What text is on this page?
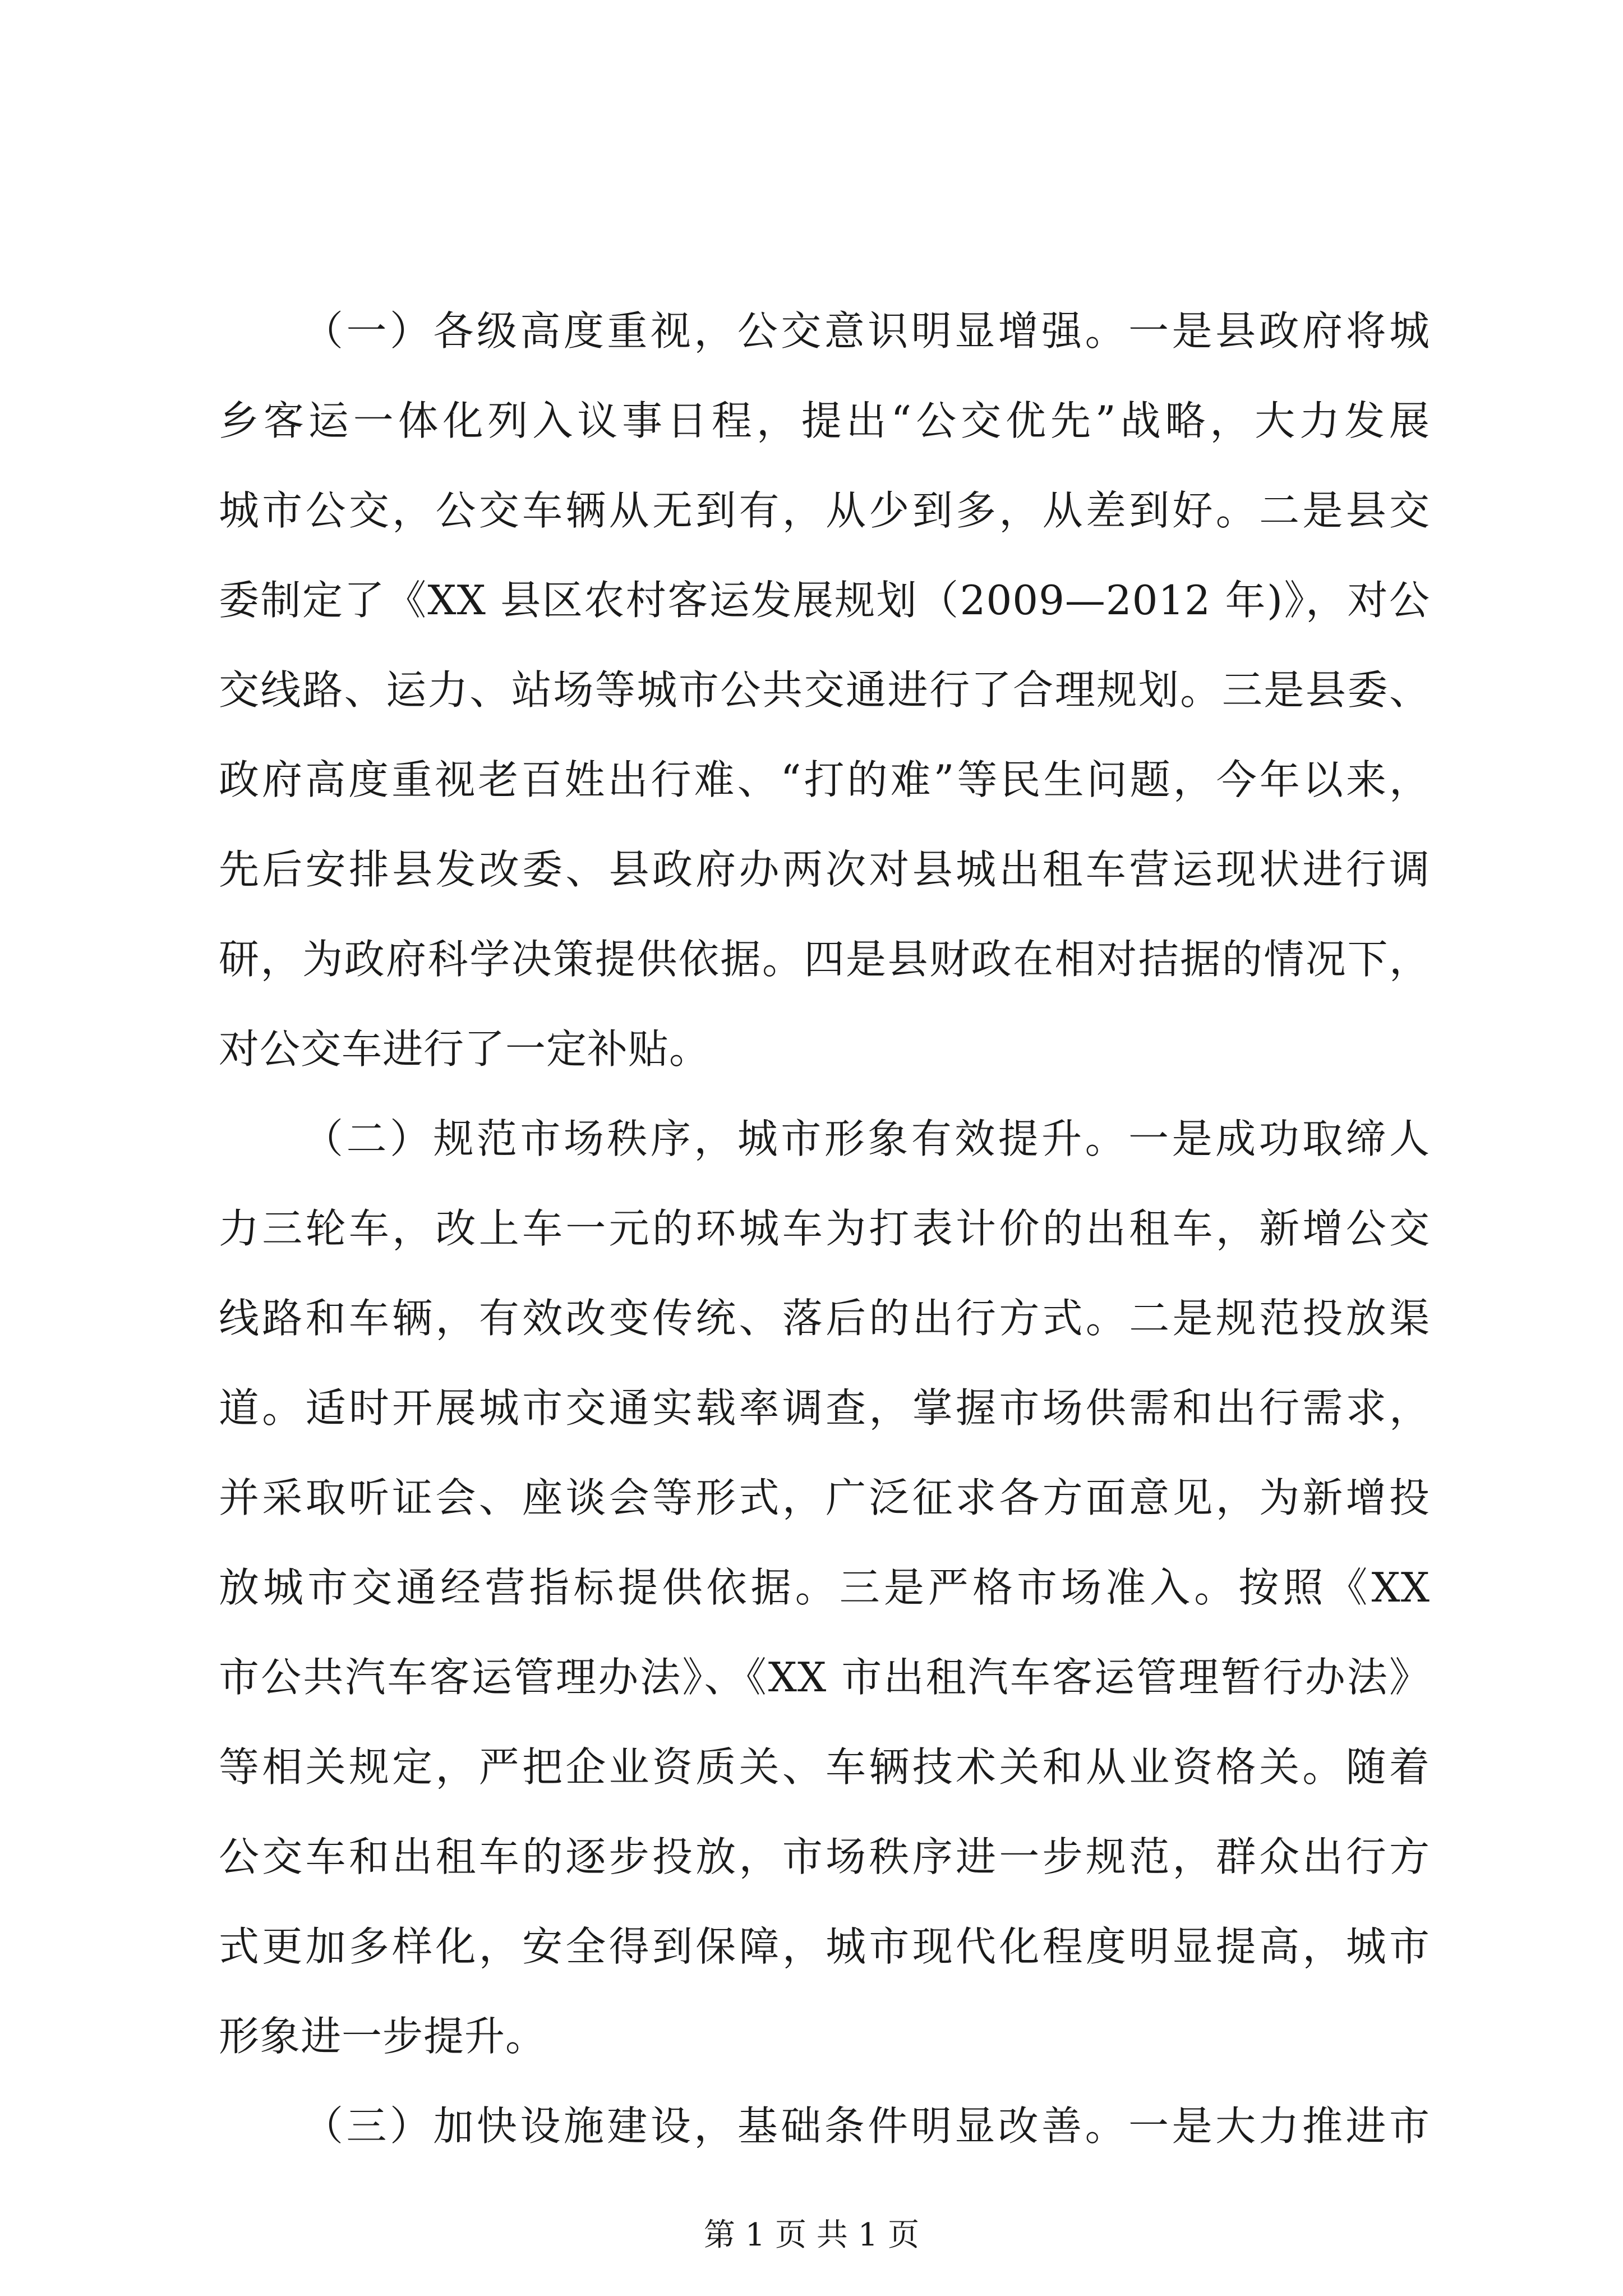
（一）各级高度重视，公交意识明显增强。一是县政府将城
乡客运一体化列入议事日程，提出“公交优先”战略，大力发展
城市公交，公交车辆从无到有，从少到多，从差到好。二是县交
委制定了《XX 县区农村客运发展规划（2009—2012 年)》，对公
交线路、运力、站场等城市公共交通进行了合理规划。三是县委、
政府高度重视老百姓出行难、“打的难”等民生问题，今年以来，
先后安排县发改委、县政府办两次对县城出租车营运现状进行调
研，为政府科学决策提供依据。四是县财政在相对拮据的情况下，
对公交车进行了一定补贴。
（二）规范市场秩序，城市形象有效提升。一是成功取缔人
力三轮车，改上车一元的环城车为打表计价的出租车，新增公交
线路和车辆，有效改变传统、落后的出行方式。二是规范投放渠
道。适时开展城市交通实载率调查，掌握市场供需和出行需求，
并采取听证会、座谈会等形式，广泛征求各方面意见，为新增投
放城市交通经营指标提供依据。三是严格市场准入。按照《XX
市公共汽车客运管理办法》、《XX 市出租汽车客运管理暂行办法》
等相关规定，严把企业资质关、车辆技术关和从业资格关。随着
公交车和出租车的逐步投放，市场秩序进一步规范，群众出行方
式更加多样化，安全得到保障，城市现代化程度明显提高，城市
形象进一步提升。
（三）加快设施建设，基础条件明显改善。一是大力推进市
第 1 页 共 1 页
